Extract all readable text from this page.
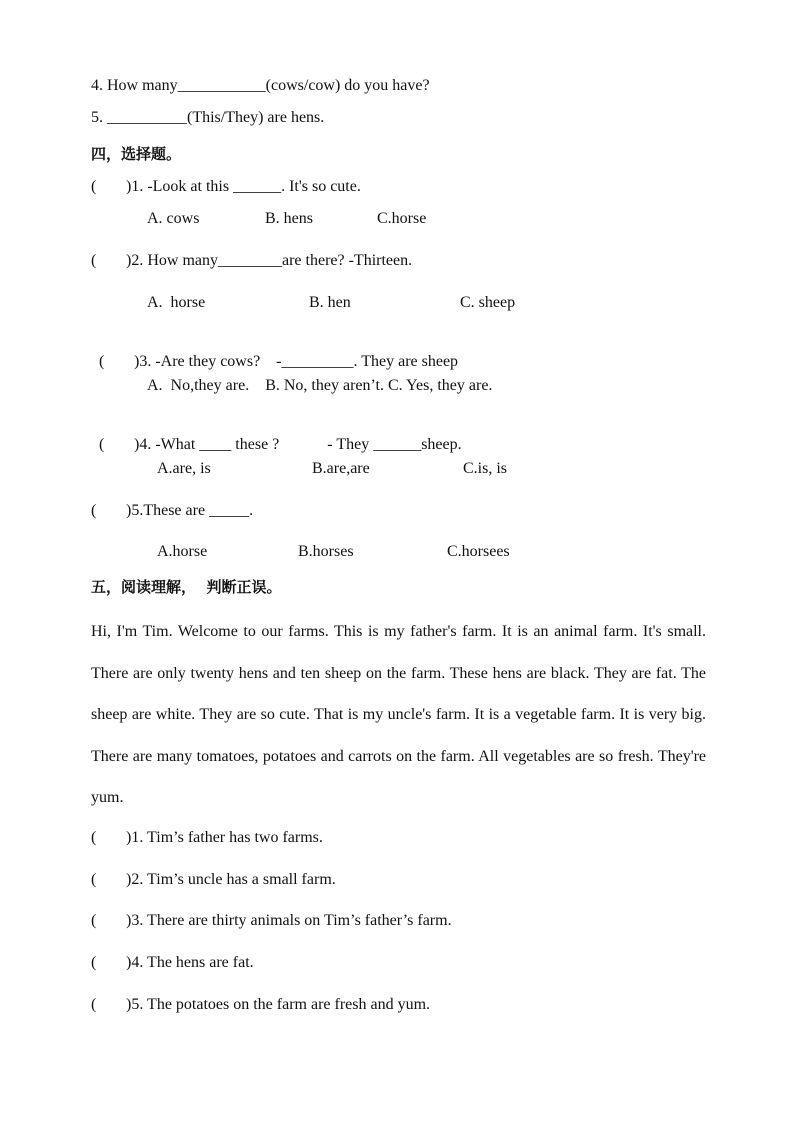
4. How many___________(cows/cow) do you have?
5. __________(This/They) are hens.
四，选择题。
( )1. -Look at this ______. It's so cute.
A. cows	B. hens	C.horse
( )2. How many________are there? -Thirteen.
A.  horse	B. hen	C. sheep

( )3. -Are they cows?    -_________. They are sheep

A.  No,they are.    B. No, they aren’t. C. Yes, they are.

( )4. -What ____ these ?            - They ______sheep.

A.are, is	B.are,are	C.is, is
( )5.These are _____.
A.horse	B.horses	C.horsees
五，阅读理解，  判断正误。
Hi, I'm Tim. Welcome to our farms. This is my father's farm. It is an animal farm. It's small. There are only twenty hens and ten sheep on the farm. These hens are black. They are fat. The sheep are white. They are so cute. That is my uncle's farm. It is a vegetable farm. It is very big. There are many tomatoes, potatoes and carrots on the farm. All vegetables are so fresh. They're yum.
( )1. Tim’s father has two farms.
( )2. Tim’s uncle has a small farm.
( )3. There are thirty animals on Tim’s father’s farm.
( )4. The hens are fat.
( )5. The potatoes on the farm are fresh and yum.
